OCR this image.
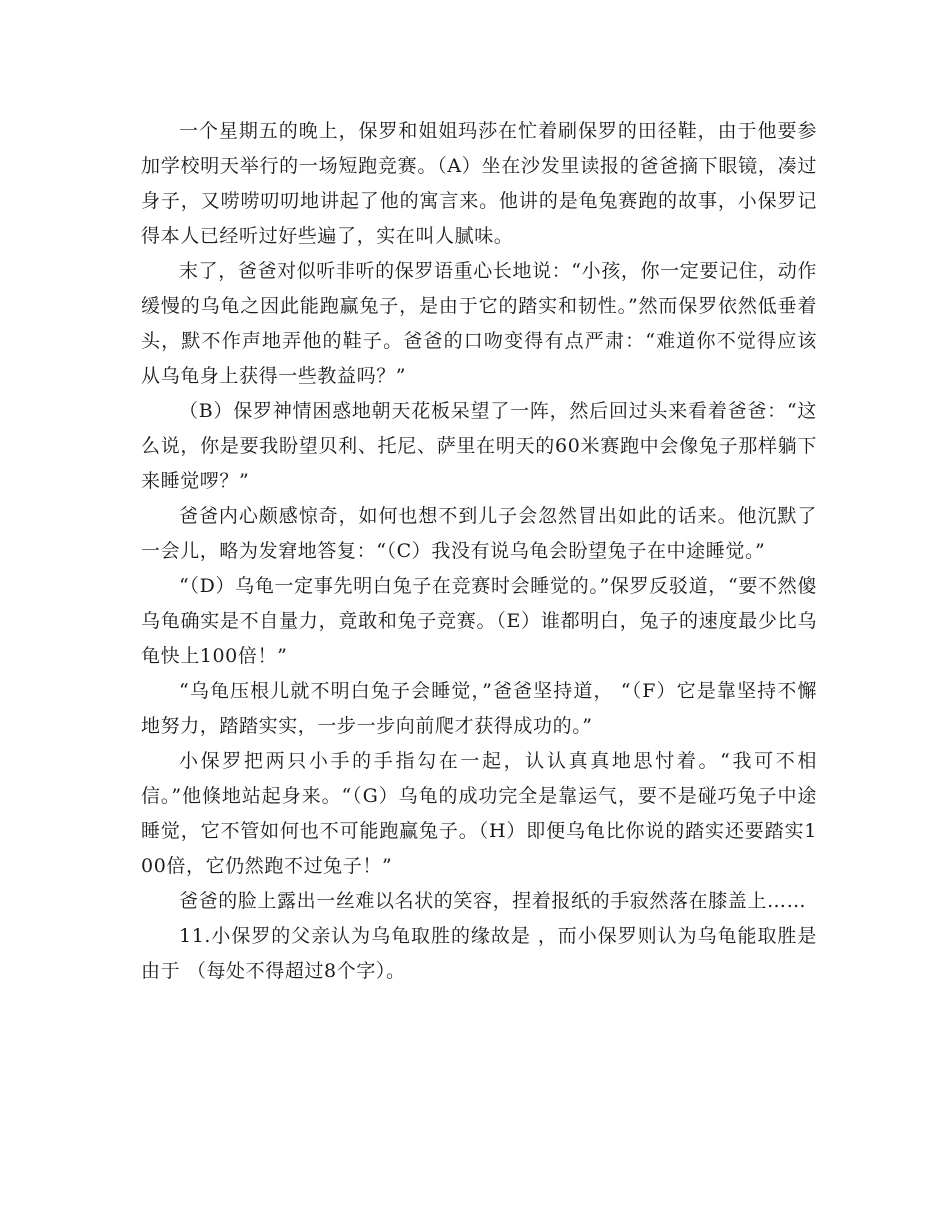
一个星期五的晚上，保罗和姐姐玛莎在忙着刷保罗的田径鞋，由于他要参加学校明天举行的一场短跑竞赛。（A）坐在沙发里读报的爸爸摘下眼镜，凑过身子，又唠唠叨叨地讲起了他的寓言来。他讲的是龟兔赛跑的故事，小保罗记得本人已经听过好些遍了，实在叫人腻味。

末了，爸爸对似听非听的保罗语重心长地说：“小孩，你一定要记住，动作缓慢的乌龟之因此能跑赢兔子，是由于它的踏实和韧性。”然而保罗依然低垂着头，默不作声地弄他的鞋子。爸爸的口吻变得有点严肃：“难道你不觉得应该从乌龟身上获得一些教益吗？”

（B）保罗神情困惑地朝天花板呆望了一阵，然后回过头来看着爸爸：“这么说，你是要我盼望贝利、托尼、萨里在明天的60米赛跑中会像兔子那样躺下来睡觉啰？”

爸爸内心颇感惊奇，如何也想不到儿子会忽然冒出如此的话来。他沉默了一会儿，略为发窘地答复：“（C）我没有说乌龟会盼望兔子在中途睡觉。”

“（D）乌龟一定事先明白兔子在竞赛时会睡觉的。”保罗反驳道，“要不然傻乌龟确实是不自量力，竟敢和兔子竞赛。（E）谁都明白，兔子的速度最少比乌龟快上100倍！”

“乌龟压根儿就不明白兔子会睡觉，”爸爸坚持道， “（F）它是靠坚持不懈地努力，踏踏实实，一步一步向前爬才获得成功的。”

小保罗把两只小手的手指勾在一起，认认真真地思忖着。“我可不相信。”他倏地站起身来。“（G）乌龟的成功完全是靠运气，要不是碰巧兔子中途睡觉，它不管如何也不可能跑赢兔子。（H）即便乌龟比你说的踏实还要踏实100倍，它仍然跑不过兔子！”

爸爸的脸上露出一丝难以名状的笑容，捏着报纸的手寂然落在膝盖上……

11.小保罗的父亲认为乌龟取胜的缘故是 ，而小保罗则认为乌龟能取胜是由于 （每处不得超过8个字）。
